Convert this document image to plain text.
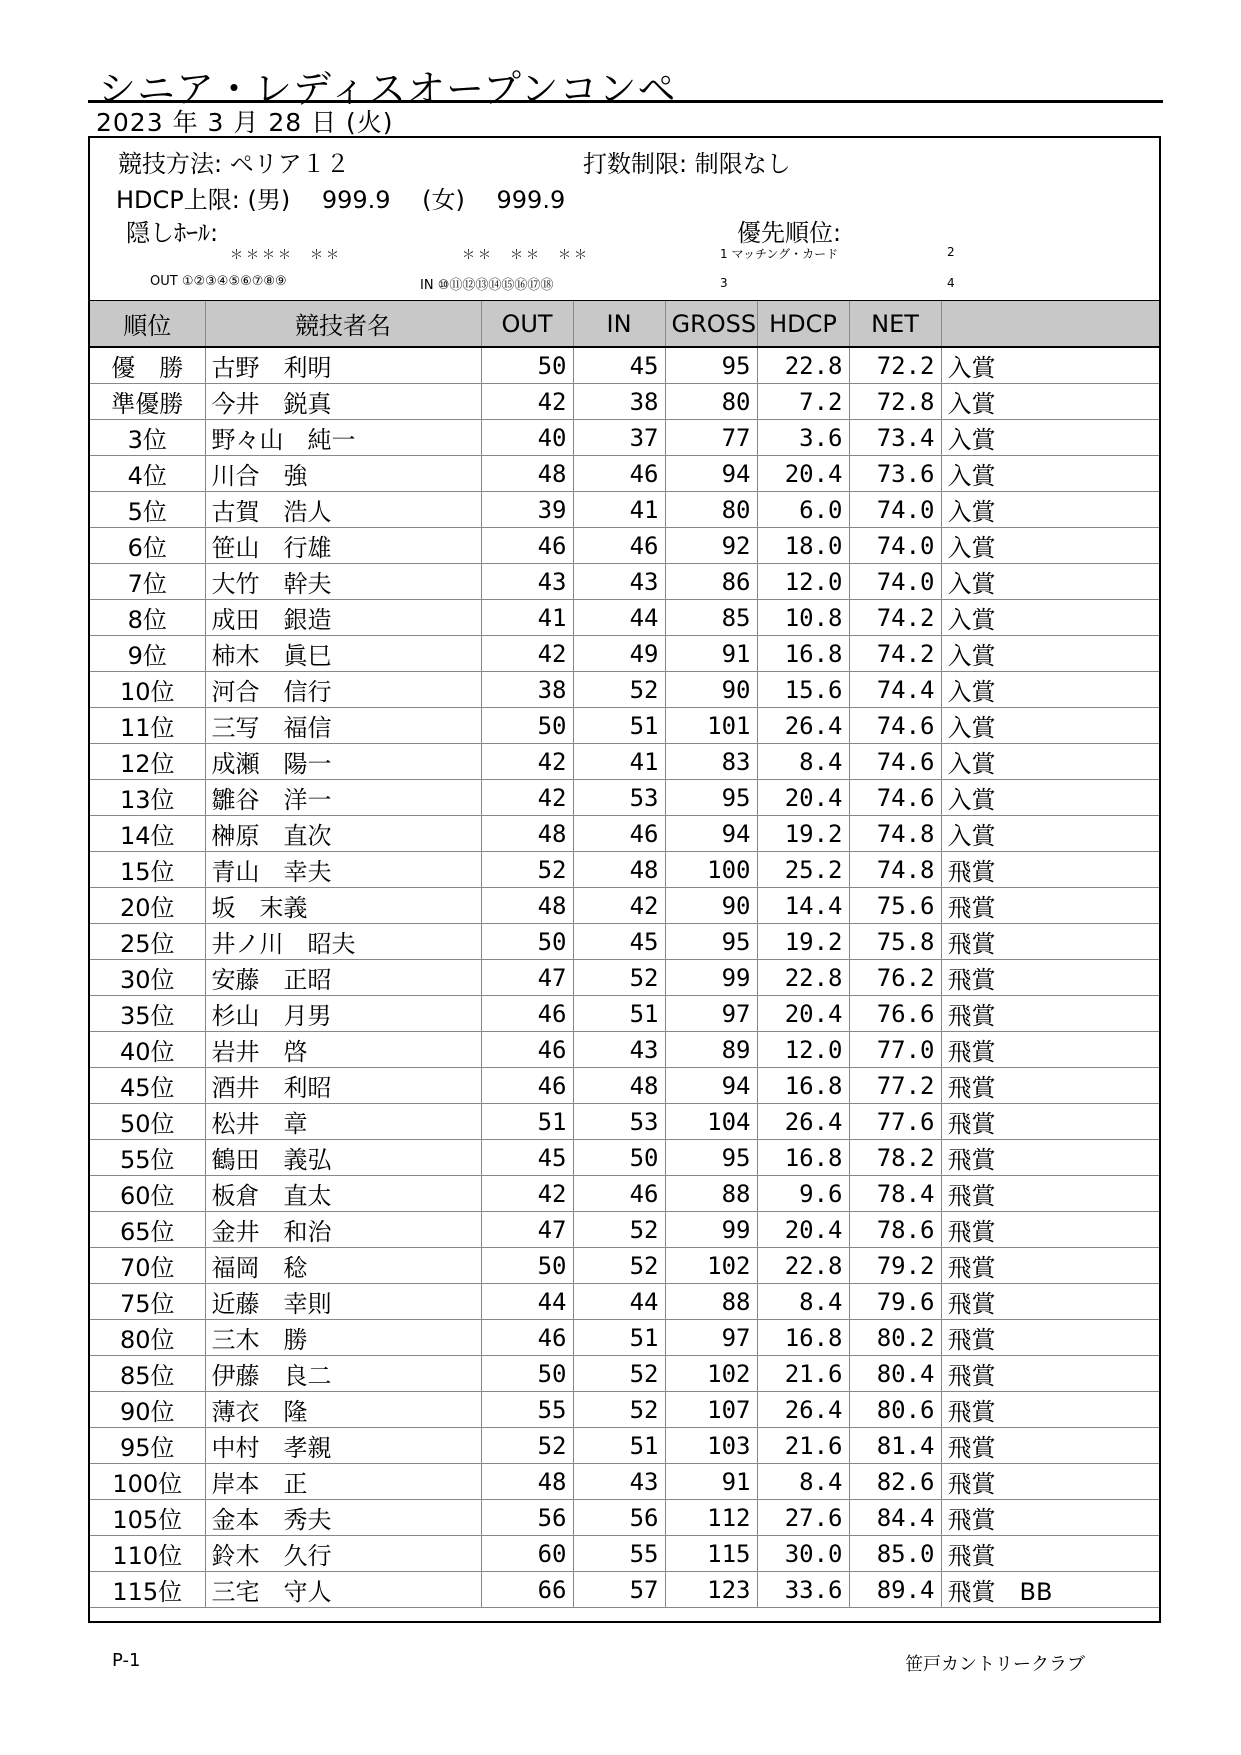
シニア・レディスオープンコンペ
2023 年 3 月 28 日 (火)
競技方法: ペリア１２	打数制限: 制限なし
HDCP上限: (男)　 999.9　 (女)　 999.9
隠しﾎｰﾙ:	優先順位:
＊＊＊＊　＊＊	＊＊　＊＊　＊＊	1 マッチング・カード	2
OUT ①②③④⑤⑥⑦⑧⑨	IN ⑩⑪⑫⑬⑭⑮⑯⑰⑱	3	4
順位	競技者名	OUT	IN	GROSS	HDCP	NET	
優　勝	古野　利明	50	45	95	22.8	72.2	入賞
準優勝	今井　鋭真	42	38	80	7.2	72.8	入賞
3位	野々山　純一	40	37	77	3.6	73.4	入賞
4位	川合　強	48	46	94	20.4	73.6	入賞
5位	古賀　浩人	39	41	80	6.0	74.0	入賞
6位	笹山　行雄	46	46	92	18.0	74.0	入賞
7位	大竹　幹夫	43	43	86	12.0	74.0	入賞
8位	成田　銀造	41	44	85	10.8	74.2	入賞
9位	柿木　眞巳	42	49	91	16.8	74.2	入賞
10位	河合　信行	38	52	90	15.6	74.4	入賞
11位	三写　福信	50	51	101	26.4	74.6	入賞
12位	成瀬　陽一	42	41	83	8.4	74.6	入賞
13位	雛谷　洋一	42	53	95	20.4	74.6	入賞
14位	榊原　直次	48	46	94	19.2	74.8	入賞
15位	青山　幸夫	52	48	100	25.2	74.8	飛賞
20位	坂　末義	48	42	90	14.4	75.6	飛賞
25位	井ノ川　昭夫	50	45	95	19.2	75.8	飛賞
30位	安藤　正昭	47	52	99	22.8	76.2	飛賞
35位	杉山　月男	46	51	97	20.4	76.6	飛賞
40位	岩井　啓	46	43	89	12.0	77.0	飛賞
45位	酒井　利昭	46	48	94	16.8	77.2	飛賞
50位	松井　章	51	53	104	26.4	77.6	飛賞
55位	鶴田　義弘	45	50	95	16.8	78.2	飛賞
60位	板倉　直太	42	46	88	9.6	78.4	飛賞
65位	金井　和治	47	52	99	20.4	78.6	飛賞
70位	福岡　稔	50	52	102	22.8	79.2	飛賞
75位	近藤　幸則	44	44	88	8.4	79.6	飛賞
80位	三木　勝	46	51	97	16.8	80.2	飛賞
85位	伊藤　良二	50	52	102	21.6	80.4	飛賞
90位	薄衣　隆	55	52	107	26.4	80.6	飛賞
95位	中村　孝親	52	51	103	21.6	81.4	飛賞
100位	岸本　正	48	43	91	8.4	82.6	飛賞
105位	金本　秀夫	56	56	112	27.6	84.4	飛賞
110位	鈴木　久行	60	55	115	30.0	85.0	飛賞
115位	三宅　守人	66	57	123	33.6	89.4	飛賞　BB
P-1	笹戸カントリークラブ
